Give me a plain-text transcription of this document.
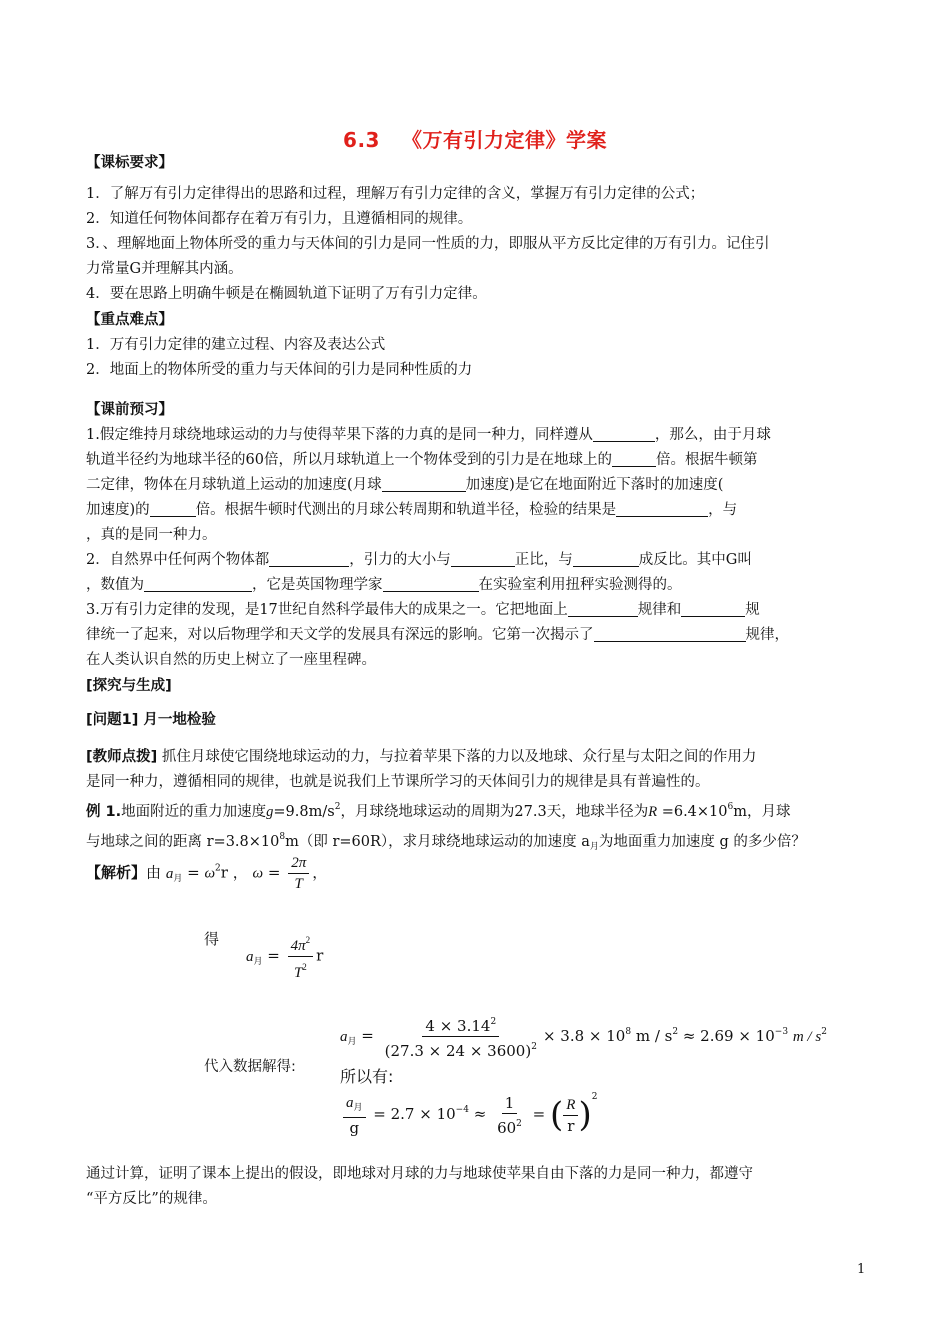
6.3 《万有引力定律》学案
【课标要求】
1．了解万有引力定律得出的思路和过程，理解万有引力定律的含义，掌握万有引力定律的公式；
2．知道任何物体间都存在着万有引力，且遵循相同的规律。
3．、理解地面上物体所受的重力与天体间的引力是同一性质的力，即服从平方反比定律的万有引力。记住引
力常量G并理解其内涵。
4．要在思路上明确牛顿是在椭圆轨道下证明了万有引力定律。
【重点难点】
1．万有引力定律的建立过程、内容及表达公式
2．地面上的物体所受的重力与天体间的引力是同种性质的力
【课前预习】
1.假定维持月球绕地球运动的力与使得苹果下落的力真的是同一种力，同样遵从	，那么，由于月球
轨道半径约为地球半径的60倍，所以月球轨道上一个物体受到的引力是在地球上的	倍。根据牛顿第
二定律，物体在月球轨道上运动的加速度(月球	加速度)是它在地面附近下落时的加速度(
加速度)的	倍。根据牛顿时代测出的月球公转周期和轨道半径，检验的结果是	，与
，真的是同一种力。
2．自然界中任何两个物体都	，引力的大小与	正比，与	成反比。其中G叫
，数值为	，它是英国物理学家	在实验室利用扭秤实验测得的。
3.万有引力定律的发现，是17世纪自然科学最伟大的成果之一。它把地面上	规律和	规
律统一了起来，对以后物理学和天文学的发展具有深远的影响。它第一次揭示了	规律，
在人类认识自然的历史上树立了一座里程碑。
[探究与生成]
[问题1] 月一地检验
[教师点拨] 抓住月球使它围绕地球运动的力，与拉着苹果下落的力以及地球、众行星与太阳之间的作用力
是同一种力，遵循相同的规律，也就是说我们上节课所学习的天体间引力的规律是具有普遍性的。
例 1.地面附近的重力加速度$g=9.8m/s^2$，月球绕地球运动的周期为27.3天，地球半径为$R =6.4\times 10^6m$，月球
与地球之间的距离 $r=3.8\times 10^8m$（即 r=60R），求月球绕地球运动的加速度 $a_月$为地面重力加速度 g 的多少倍？
【解析】由 $a_月 = \omega^2r$ ， $\omega = \frac{2\pi}{T}$ ，
得
$a_月 = \frac{4\pi^2}{T^2}$ r
$a_月 = \frac{4 \times 3.14^2}{(27.3 \times 24 \times 3600)^2} \times 3.8 \times 10^8$ $m / s^2 \approx 2.69 \times 10^{-3}$ m / $s^2$
代入数据解得:	所以有:
$\frac{a_月}{g} = 2.7 \times 10^{-4} \approx \frac{1}{60^2}$ = ( $\frac{R}{r} )^2$
通过计算，证明了课本上提出的假设，即地球对月球的力与地球使苹果自由下落的力是同一种力，都遵守
“平方反比”的规律。
1
